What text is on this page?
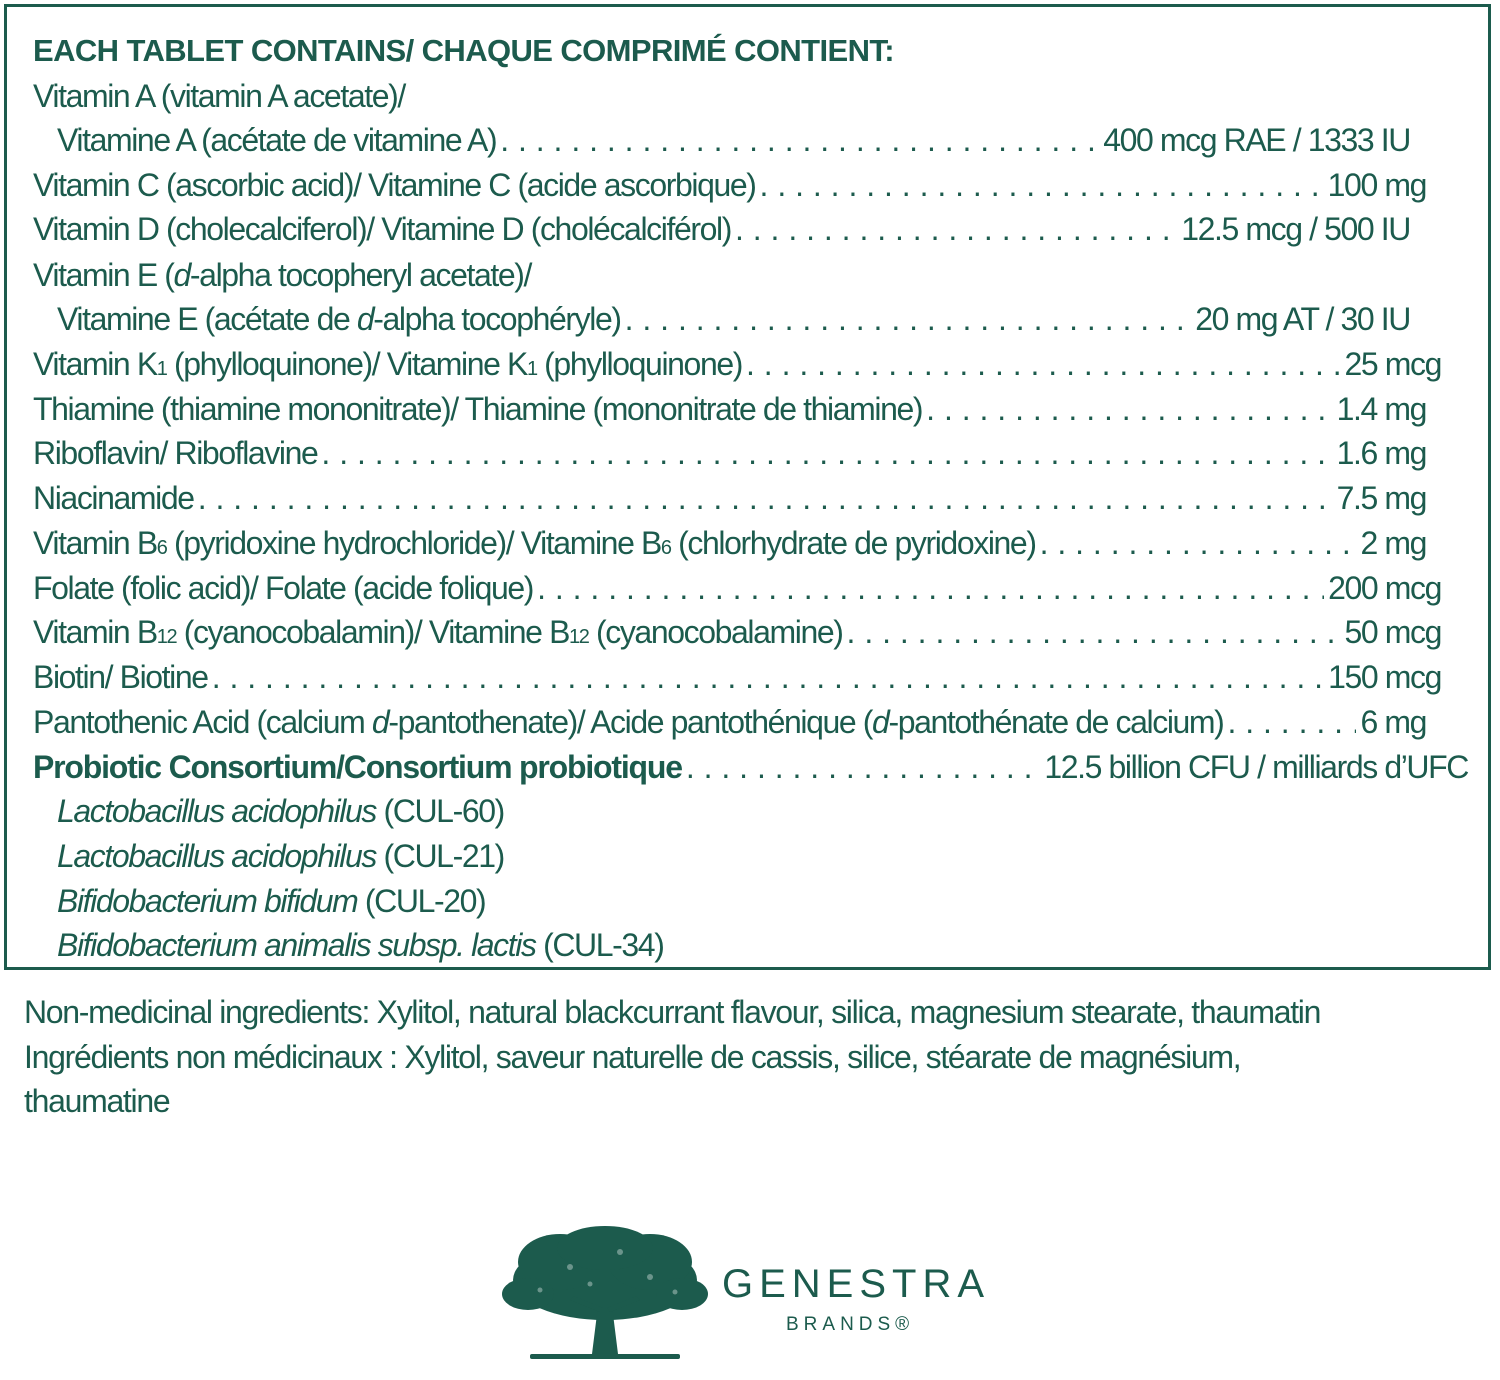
EACH TABLET CONTAINS/ CHAQUE COMPRIMÉ CONTIENT:
Vitamin A (vitamin A acetate)/
Vitamine A (acétate de vitamine A) . . .	400 mcg RAE / 1333 IU
Vitamin C (ascorbic acid)/ Vitamine C (acide ascorbique) . . .	100 mg
Vitamin D (cholecalciferol)/ Vitamine D (cholécalciférol) . . .	12.5 mcg / 500 IU
Vitamin E (d-alpha tocopheryl acetate)/
Vitamine E (acétate de d-alpha tocophéryle) . . .	20 mg AT / 30 IU
Vitamin K1 (phylloquinone)/ Vitamine K1 (phylloquinone) . . .	25 mcg
Thiamine (thiamine mononitrate)/ Thiamine (mononitrate de thiamine) . . .	1.4 mg
Riboflavin/ Riboflavine . . .	1.6 mg
Niacinamide . . .	7.5 mg
Vitamin B6 (pyridoxine hydrochloride)/ Vitamine B6 (chlorhydrate de pyridoxine) . . .	2 mg
Folate (folic acid)/ Folate (acide folique) . . .	200 mcg
Vitamin B12 (cyanocobalamin)/ Vitamine B12 (cyanocobalamine) . . .	50 mcg
Biotin/ Biotine . . .	150 mcg
Pantothenic Acid (calcium d-pantothenate)/ Acide pantothénique (d-pantothénate de calcium) . . .	6 mg
Probiotic Consortium/Consortium probiotique . . .	12.5 billion CFU / milliards d’UFC
Lactobacillus acidophilus (CUL-60)
Lactobacillus acidophilus (CUL-21)
Bifidobacterium bifidum (CUL-20)
Bifidobacterium animalis subsp. lactis (CUL-34)
Non-medicinal ingredients: Xylitol, natural blackcurrant flavour, silica, magnesium stearate, thaumatin
Ingrédients non médicinaux : Xylitol, saveur naturelle de cassis, silice, stéarate de magnésium, thaumatine
GENESTRA
BRANDS®
